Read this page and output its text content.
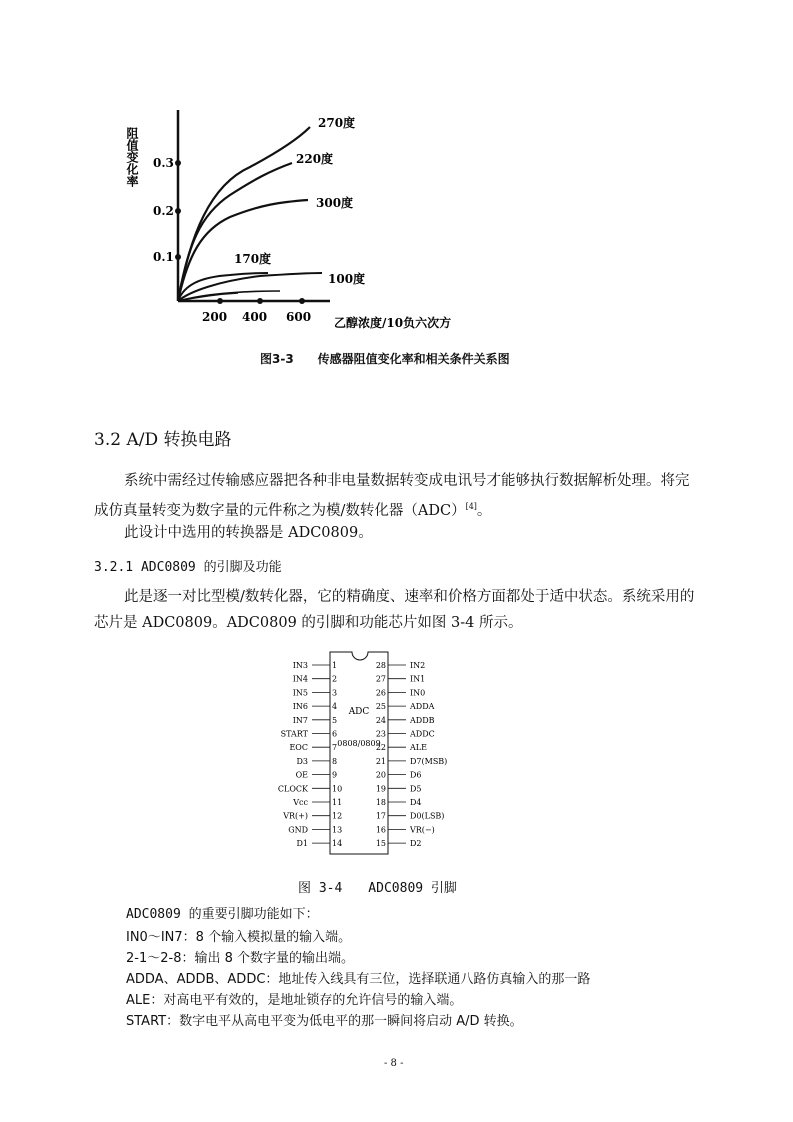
阻值变化率 0.3
0.2
0.1
200 400 600 乙醇浓度/10负六次方
270度
220度
300度
170度
100度
图3-3　　传感器阻值变化率和相关条件关系图
3.2 A/D 转换电路
系统中需经过传输感应器把各种非电量数据转变成电讯号才能够执行数据解析处理。将完成仿真量转变为数字量的元件称之为模/数转化器（ADC）[4]。
此设计中选用的转换器是 ADC0809。
3.2.1 ADC0809 的引脚及功能
此是逐一对比型模/数转化器，它的精确度、速率和价格方面都处于适中状态。系统采用的芯片是 ADC0809。ADC0809 的引脚和功能芯片如图 3-4 所示。
ADC
0808/0809
IN3	1
IN4	2
IN5	3
IN6	4
IN7	5
START	6
EOC	7
D3	8
OE	9
CLOCK	10
Vcc	11
VR(+)	12
GND	13
D1	14
IN2
28
IN1
27
IN0
26
ADDA
25
ADDB
24
ADDC
23
ALE
22
D7(MSB)
21
D6
20
D5
19
D4
18
D0(LSB)
17
VR(−)
16
D2
15
图 3-4　　ADC0809 引脚
ADC0809 的重要引脚功能如下：
IN0～IN7：8 个输入模拟量的输入端。
2-1～2-8：输出 8 个数字量的输出端。
ADDA、ADDB、ADDC：地址传入线具有三位，选择联通八路仿真输入的那一路
ALE：对高电平有效的，是地址锁存的允许信号的输入端。
START：数字电平从高电平变为低电平的那一瞬间将启动 A/D 转换。
- 8 -
